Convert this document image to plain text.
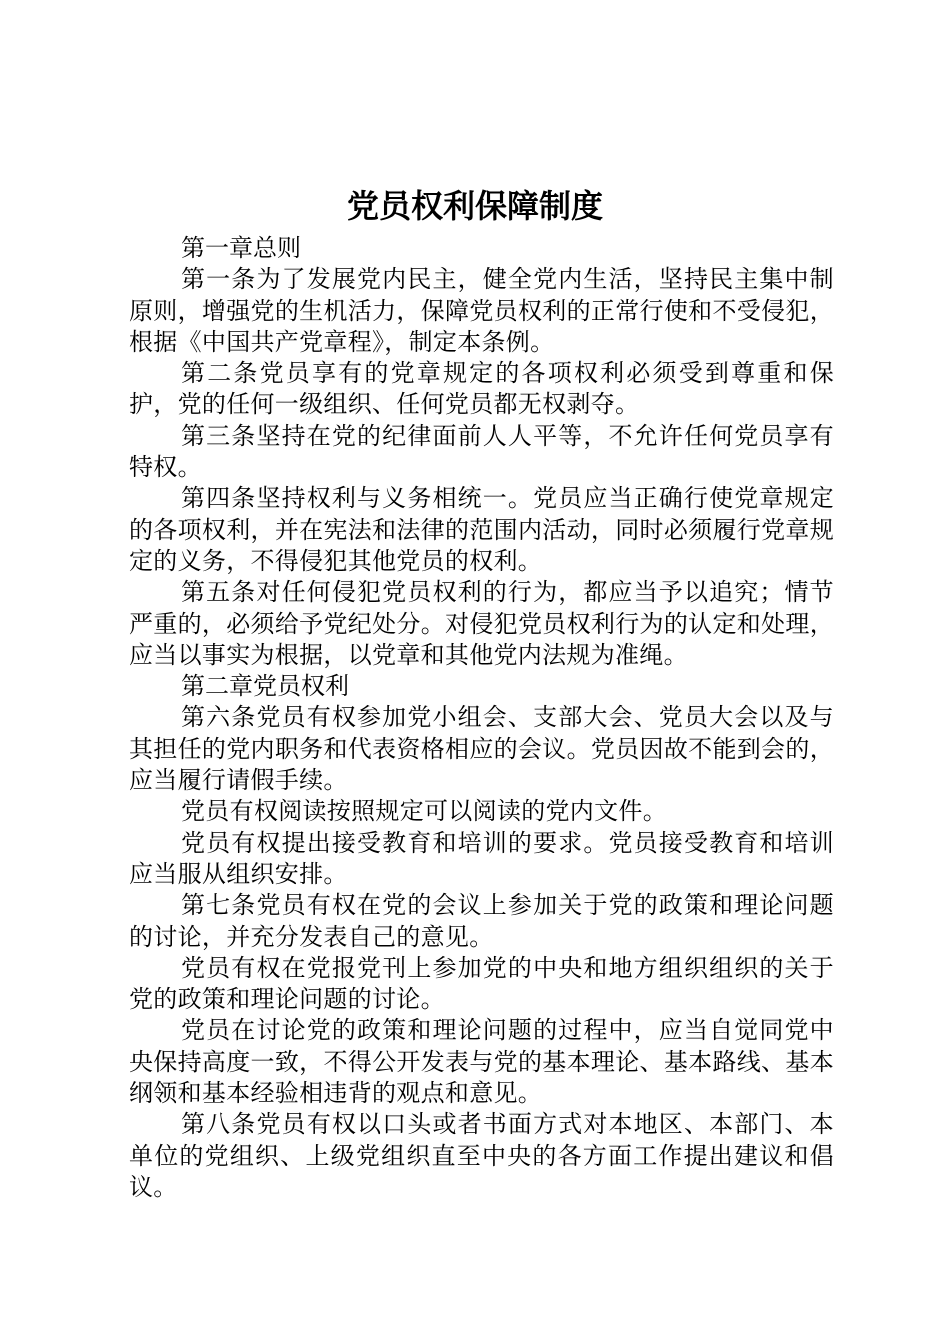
党员权利保障制度

第一章总则

第一条为了发展党内民主，健全党内生活，坚持民主集中制原则，增强党的生机活力，保障党员权利的正常行使和不受侵犯，根据《中国共产党章程》，制定本条例。

第二条党员享有的党章规定的各项权利必须受到尊重和保护，党的任何一级组织、任何党员都无权剥夺。

第三条坚持在党的纪律面前人人平等，不允许任何党员享有特权。

第四条坚持权利与义务相统一。党员应当正确行使党章规定的各项权利，并在宪法和法律的范围内活动，同时必须履行党章规定的义务，不得侵犯其他党员的权利。

第五条对任何侵犯党员权利的行为，都应当予以追究；情节严重的，必须给予党纪处分。对侵犯党员权利行为的认定和处理，应当以事实为根据，以党章和其他党内法规为准绳。

第二章党员权利

第六条党员有权参加党小组会、支部大会、党员大会以及与其担任的党内职务和代表资格相应的会议。党员因故不能到会的，应当履行请假手续。

党员有权阅读按照规定可以阅读的党内文件。

党员有权提出接受教育和培训的要求。党员接受教育和培训应当服从组织安排。

第七条党员有权在党的会议上参加关于党的政策和理论问题的讨论，并充分发表自己的意见。

党员有权在党报党刊上参加党的中央和地方组织组织的关于党的政策和理论问题的讨论。

党员在讨论党的政策和理论问题的过程中，应当自觉同党中央保持高度一致，不得公开发表与党的基本理论、基本路线、基本纲领和基本经验相违背的观点和意见。

第八条党员有权以口头或者书面方式对本地区、本部门、本单位的党组织、上级党组织直至中央的各方面工作提出建议和倡议。
